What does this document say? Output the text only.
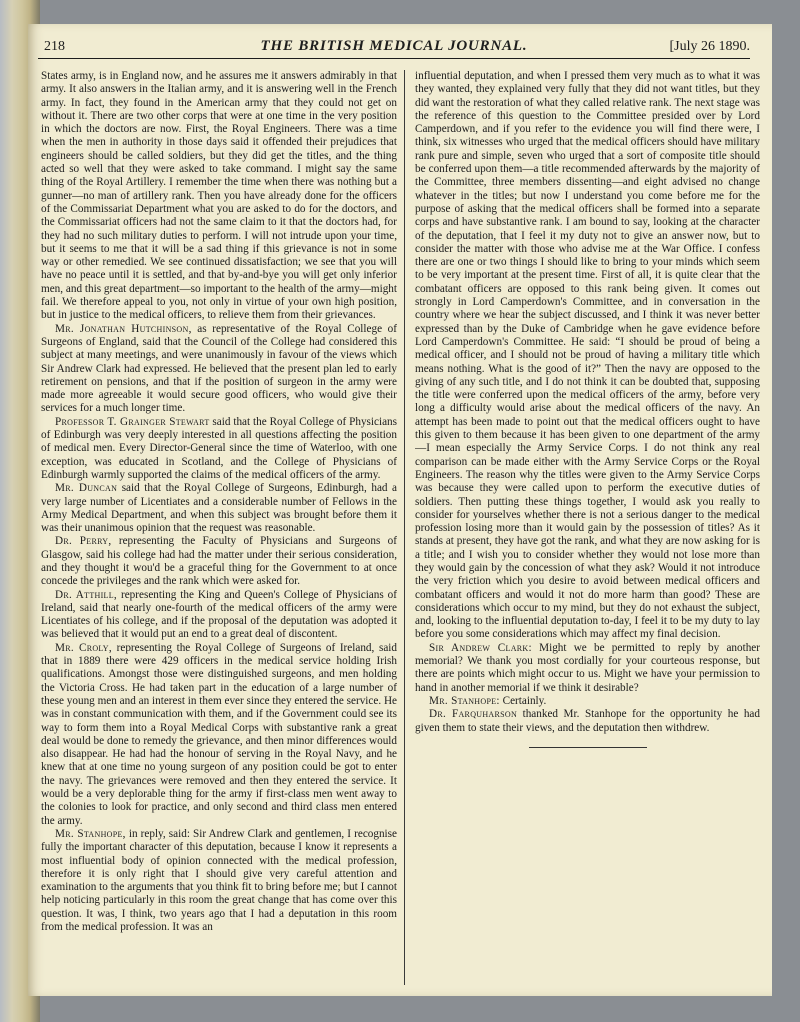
218	THE BRITISH MEDICAL JOURNAL.	[July 26 1890.

States army, is in England now, and he assures me it answers admirably in that army. It also answers in the Italian army, and it is answering well in the French army. In fact, they found in the American army that they could not get on without it. There are two other corps that were at one time in the very position in which the doctors are now. First, the Royal Engineers. There was a time when the men in authority in those days said it offended their prejudices that engineers should be called soldiers, but they did get the titles, and the thing acted so well that they were asked to take command. I might say the same thing of the Royal Artillery. I remember the time when there was nothing but a gunner—no man of artillery rank. Then you have already done for the officers of the Commissariat Department what you are asked to do for the doctors, and the Commissariat officers had not the same claim to it that the doctors had, for they had no such military duties to perform. I will not intrude upon your time, but it seems to me that it will be a sad thing if this grievance is not in some way or other remedied. We see continued dissatisfaction; we see that you will have no peace until it is settled, and that by-and-bye you will get only inferior men, and this great department—so important to the health of the army—might fail. We therefore appeal to you, not only in virtue of your own high position, but in justice to the medical officers, to relieve them from their grievances.

Mr. Jonathan Hutchinson, as representative of the Royal College of Surgeons of England, said that the Council of the College had considered this subject at many meetings, and were unanimously in favour of the views which Sir Andrew Clark had expressed. He believed that the present plan led to early retirement on pensions, and that if the position of surgeon in the army were made more agreeable it would secure good officers, who would give their services for a much longer time.

Professor T. Grainger Stewart said that the Royal College of Physicians of Edinburgh was very deeply interested in all questions affecting the position of medical men. Every Director-General since the time of Waterloo, with one exception, was educated in Scotland, and the College of Physicians of Edinburgh warmly supported the claims of the medical officers of the army.

Mr. Duncan said that the Royal College of Surgeons, Edinburgh, had a very large number of Licentiates and a considerable number of Fellows in the Army Medical Department, and when this subject was brought before them it was their unanimous opinion that the request was reasonable.

Dr. Perry, representing the Faculty of Physicians and Surgeons of Glasgow, said his college had had the matter under their serious consideration, and they thought it wou'd be a graceful thing for the Government to at once concede the privileges and the rank which were asked for.

Dr. Atthill, representing the King and Queen's College of Physicians of Ireland, said that nearly one-fourth of the medical officers of the army were Licentiates of his college, and if the proposal of the deputation was adopted it was believed that it would put an end to a great deal of discontent.

Mr. Croly, representing the Royal College of Surgeons of Ireland, said that in 1889 there were 429 officers in the medical service holding Irish qualifications. Amongst those were distinguished surgeons, and men holding the Victoria Cross. He had taken part in the education of a large number of these young men and an interest in them ever since they entered the service. He was in constant communication with them, and if the Government could see its way to form them into a Royal Medical Corps with substantive rank a great deal would be done to remedy the grievance, and then minor differences would also disappear. He had had the honour of serving in the Royal Navy, and he knew that at one time no young surgeon of any position could be got to enter the navy. The grievances were removed and then they entered the service. It would be a very deplorable thing for the army if first-class men went away to the colonies to look for practice, and only second and third class men entered the army.

Mr. Stanhope, in reply, said: Sir Andrew Clark and gentlemen, I recognise fully the important character of this deputation, because I know it represents a most influential body of opinion connected with the medical profession, therefore it is only right that I should give very careful attention and examination to the arguments that you think fit to bring before me; but I cannot help noticing particularly in this room the great change that has come over this question. It was, I think, two years ago that I had a deputation in this room from the medical profession. It was an

influential deputation, and when I pressed them very much as to what it was they wanted, they explained very fully that they did not want titles, but they did want the restoration of what they called relative rank. The next stage was the reference of this question to the Committee presided over by Lord Camperdown, and if you refer to the evidence you will find there were, I think, six witnesses who urged that the medical officers should have military rank pure and simple, seven who urged that a sort of composite title should be conferred upon them—a title recommended afterwards by the majority of the Committee, three members dissenting—and eight advised no change whatever in the titles; but now I understand you come before me for the purpose of asking that the medical officers shall be formed into a separate corps and have substantive rank. I am bound to say, looking at the character of the deputation, that I feel it my duty not to give an answer now, but to consider the matter with those who advise me at the War Office. I confess there are one or two things I should like to bring to your minds which seem to be very important at the present time. First of all, it is quite clear that the combatant officers are opposed to this rank being given. It comes out strongly in Lord Camperdown's Committee, and in conversation in the country where we hear the subject discussed, and I think it was never better expressed than by the Duke of Cambridge when he gave evidence before Lord Camperdown's Committee. He said: “I should be proud of being a medical officer, and I should not be proud of having a military title which means nothing. What is the good of it?” Then the navy are opposed to the giving of any such title, and I do not think it can be doubted that, supposing the title were conferred upon the medical officers of the army, before very long a difficulty would arise about the medical officers of the navy. An attempt has been made to point out that the medical officers ought to have this given to them because it has been given to one department of the army—I mean especially the Army Service Corps. I do not think any real comparison can be made either with the Army Service Corps or the Royal Engineers. The reason why the titles were given to the Army Service Corps was because they were called upon to perform the executive duties of soldiers. Then putting these things together, I would ask you really to consider for yourselves whether there is not a serious danger to the medical profession losing more than it would gain by the possession of titles? As it stands at present, they have got the rank, and what they are now asking for is a title; and I wish you to consider whether they would not lose more than they would gain by the concession of what they ask? Would it not introduce the very friction which you desire to avoid between medical officers and combatant officers and would it not do more harm than good? These are considerations which occur to my mind, but they do not exhaust the subject, and, looking to the influential deputation to-day, I feel it to be my duty to lay before you some considerations which may affect my final decision.

Sir Andrew Clark: Might we be permitted to reply by another memorial? We thank you most cordially for your courteous response, but there are points which might occur to us. Might we have your permission to hand in another memorial if we think it desirable?

Mr. Stanhope: Certainly.

Dr. Farquharson thanked Mr. Stanhope for the opportunity he had given them to state their views, and the deputation then withdrew.
